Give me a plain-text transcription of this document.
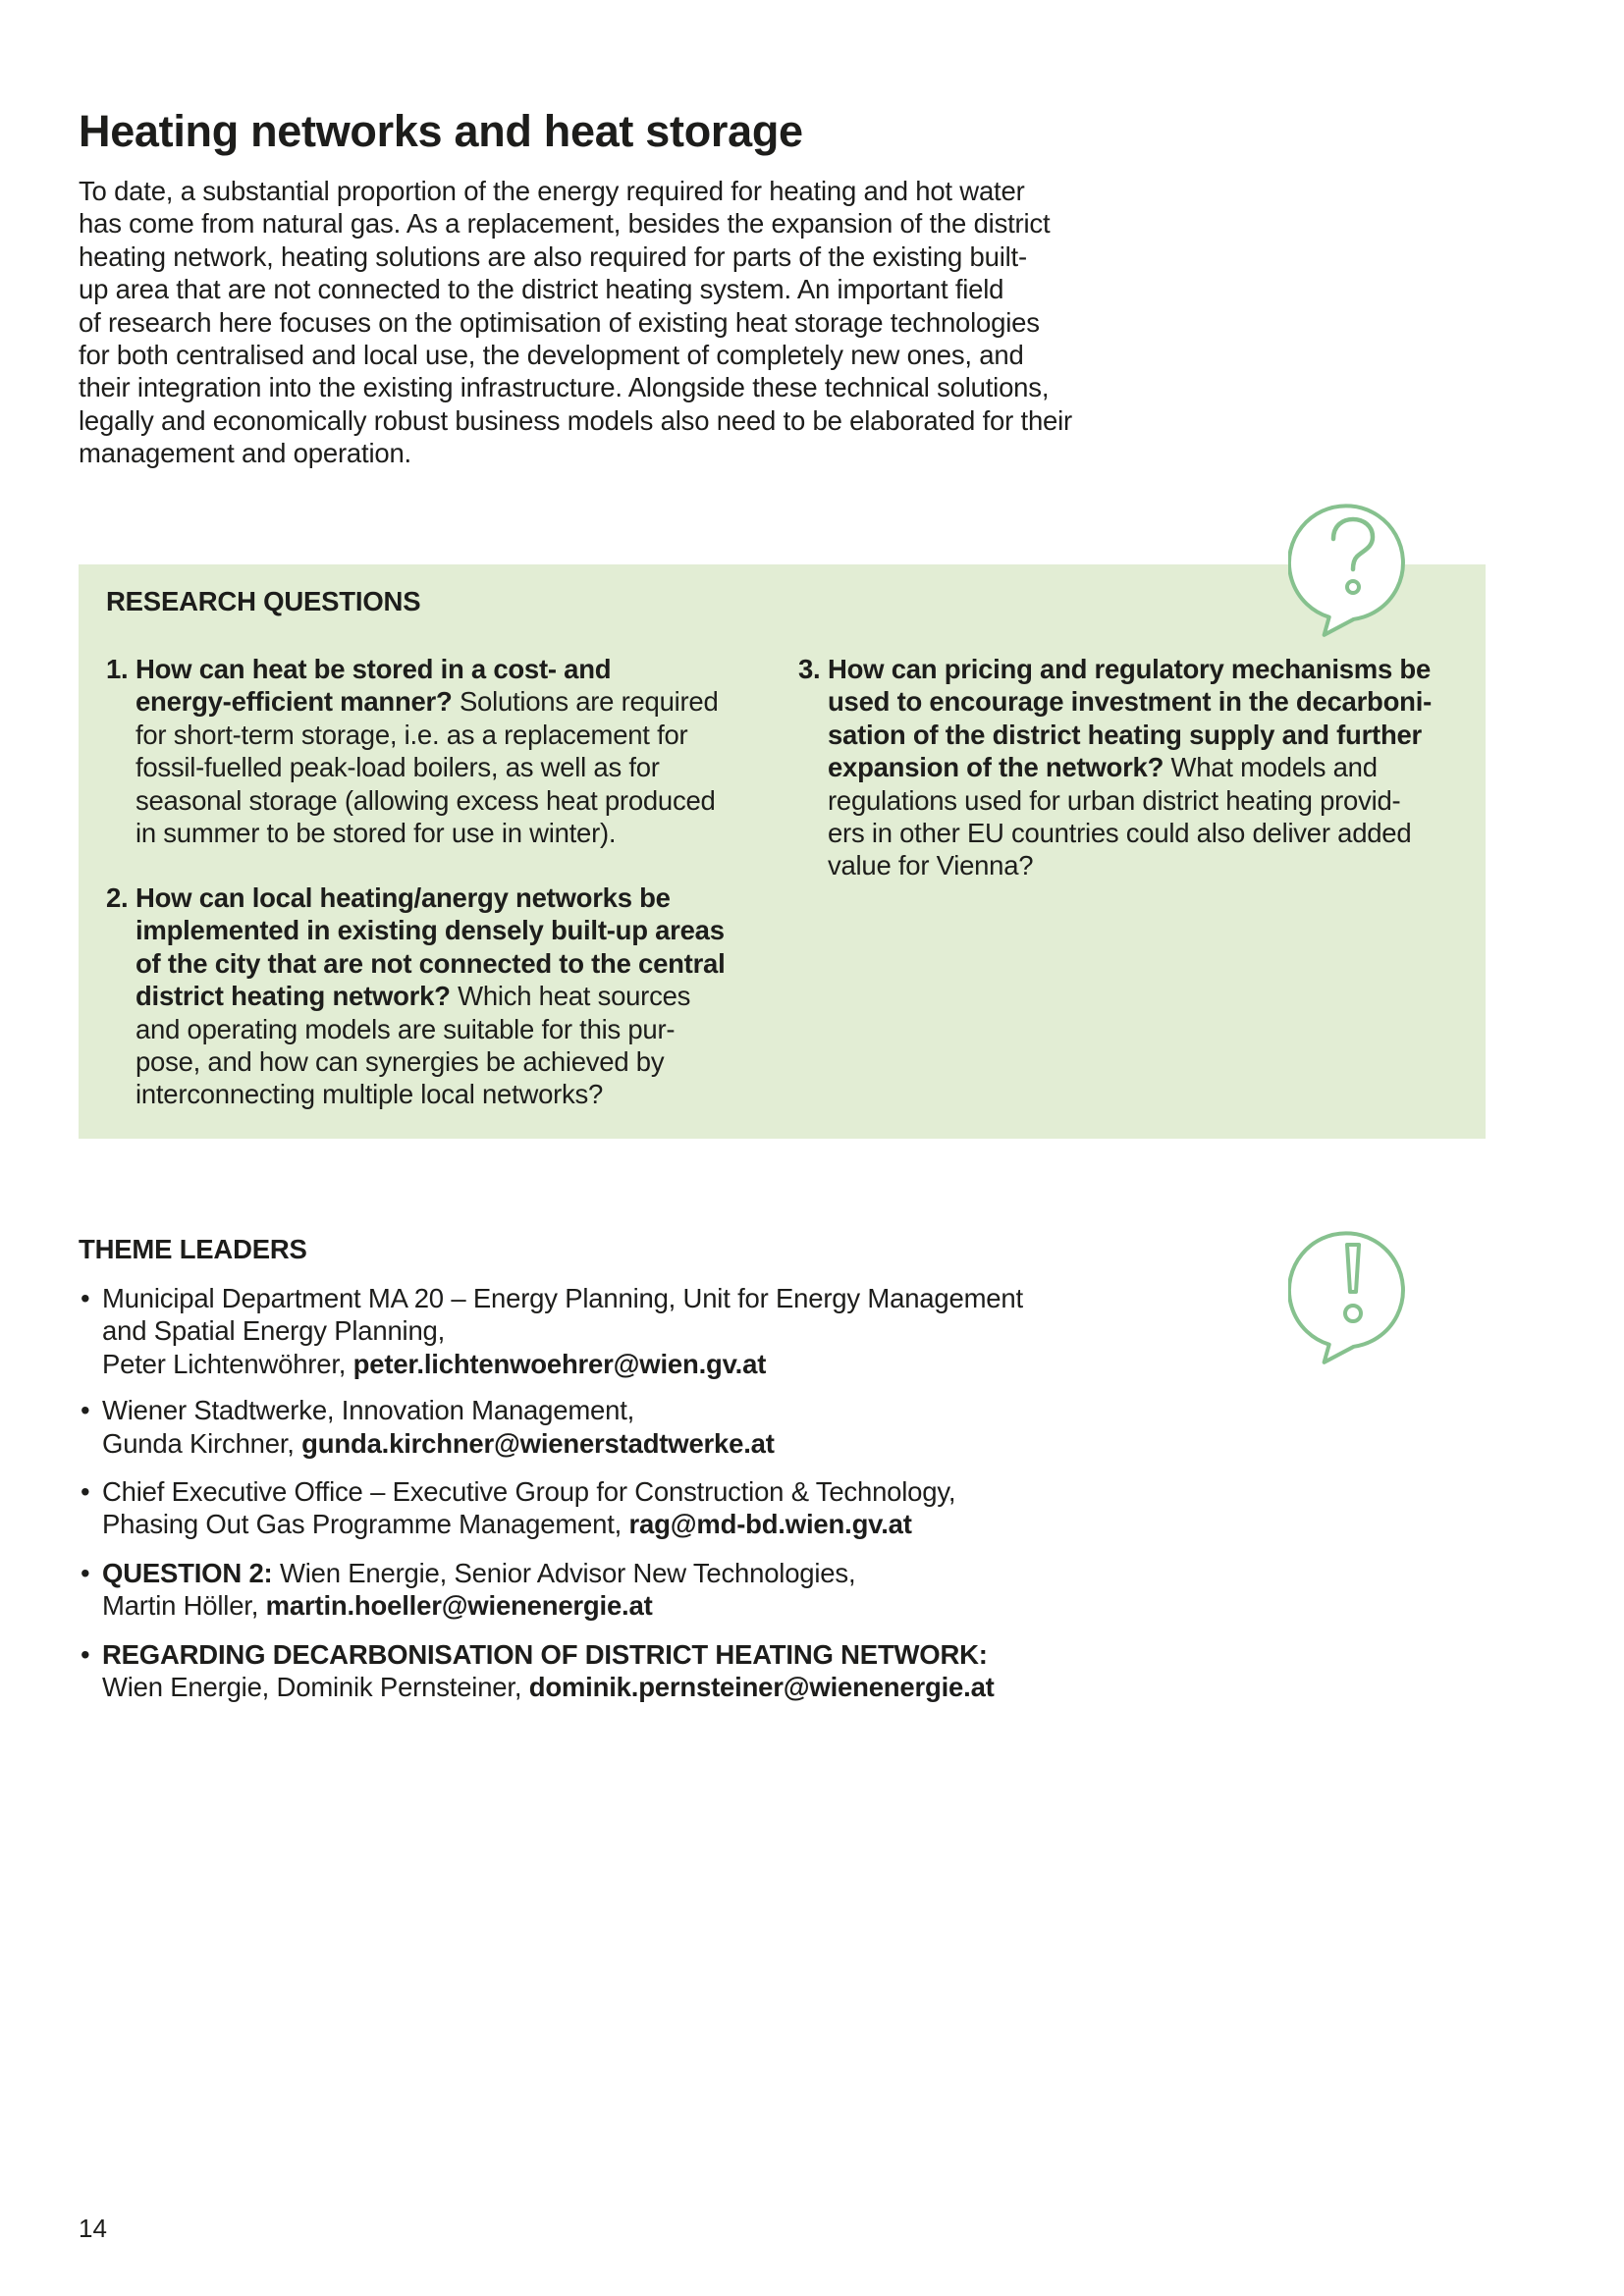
Heating networks and heat storage
To date, a substantial proportion of the energy required for heating and hot water
has come from natural gas. As a replacement, besides the expansion of the district
heating network, heating solutions are also required for parts of the existing built-
up area that are not connected to the district heating system. An important field
of research here focuses on the optimisation of existing heat storage technologies
for both centralised and local use, the development of completely new ones, and
their integration into the existing infrastructure. Alongside these technical solutions,
legally and economically robust business models also need to be elaborated for their
management and operation.
RESEARCH QUESTIONS
1. How can heat be stored in a cost- and
energy-efficient manner? Solutions are required
for short-term storage, i.e. as a replacement for
fossil-fuelled peak-load boilers, as well as for
seasonal storage (allowing excess heat produced
in summer to be stored for use in winter).
2. How can local heating/anergy networks be
implemented in existing densely built-up areas
of the city that are not connected to the central
district heating network? Which heat sources
and operating models are suitable for this pur-
pose, and how can synergies be achieved by
interconnecting multiple local networks?
3. How can pricing and regulatory mechanisms be
used to encourage investment in the decarboni-
sation of the district heating supply and further
expansion of the network? What models and
regulations used for urban district heating provid-
ers in other EU countries could also deliver added
value for Vienna?
THEME LEADERS
• Municipal Department MA 20 – Energy Planning, Unit for Energy Management
and Spatial Energy Planning,
Peter Lichtenwöhrer, peter.lichtenwoehrer@wien.gv.at
• Wiener Stadtwerke, Innovation Management,
Gunda Kirchner, gunda.kirchner@wienerstadtwerke.at
• Chief Executive Office – Executive Group for Construction & Technology,
Phasing Out Gas Programme Management, rag@md-bd.wien.gv.at
• QUESTION 2: Wien Energie, Senior Advisor New Technologies,
Martin Höller, martin.hoeller@wienenergie.at
• REGARDING DECARBONISATION OF DISTRICT HEATING NETWORK:
Wien Energie, Dominik Pernsteiner, dominik.pernsteiner@wienenergie.at
14
